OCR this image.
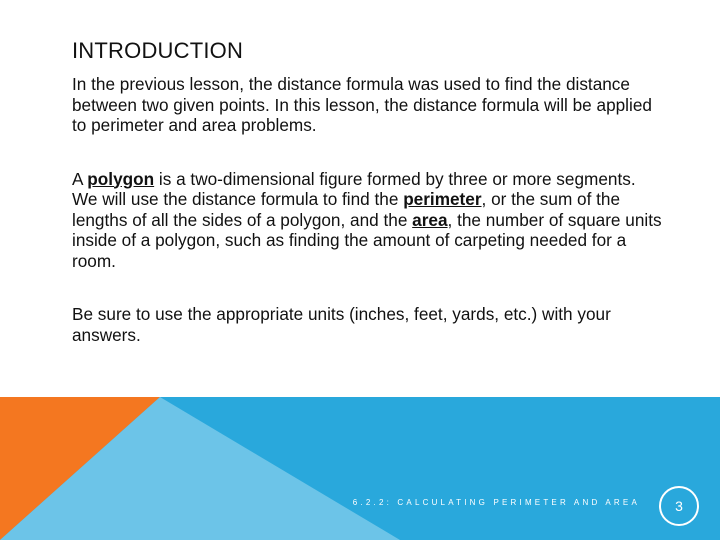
INTRODUCTION

In the previous lesson, the distance formula was used to find the distance between two given points. In this lesson, the distance formula will be applied to perimeter and area problems.

A polygon is a two-dimensional figure formed by three or more segments. We will use the distance formula to find the perimeter, or the sum of the lengths of all the sides of a polygon, and the area, the number of square units inside of a polygon, such as finding the amount of carpeting needed for a room.

Be sure to use the appropriate units (inches, feet, yards, etc.) with your answers.

6.2.2: CALCULATING PERIMETER AND AREA	3
